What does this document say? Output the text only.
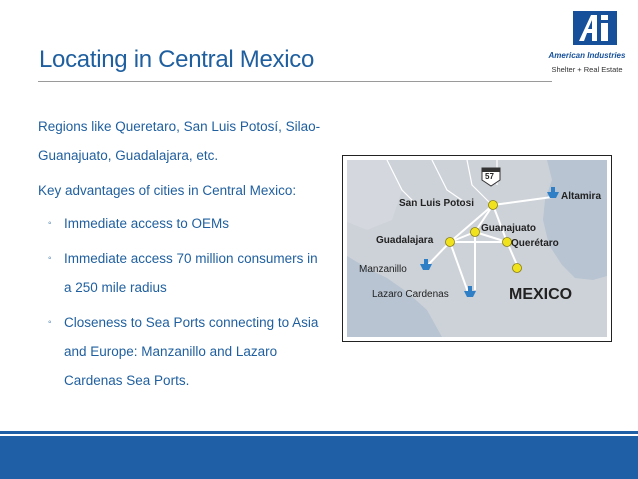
Locating in Central Mexico	American Industries
Shelter + Real Estate

Regions like Queretaro, San Luis Potosí, Silao-Guanajuato, Guadalajara, etc.

Key advantages of cities in Central Mexico:

◦ Immediate access to OEMs
◦ Immediate access 70 million consumers in a 250 mile radius
◦ Closeness to Sea Ports connecting to Asia and Europe: Manzanillo and Lazaro Cardenas Sea Ports.
57
San Luis Potosi
Altamira
Guanajuato
Guadalajara	Querétaro
Manzanillo
Lazaro Cardenas	MEXICO
